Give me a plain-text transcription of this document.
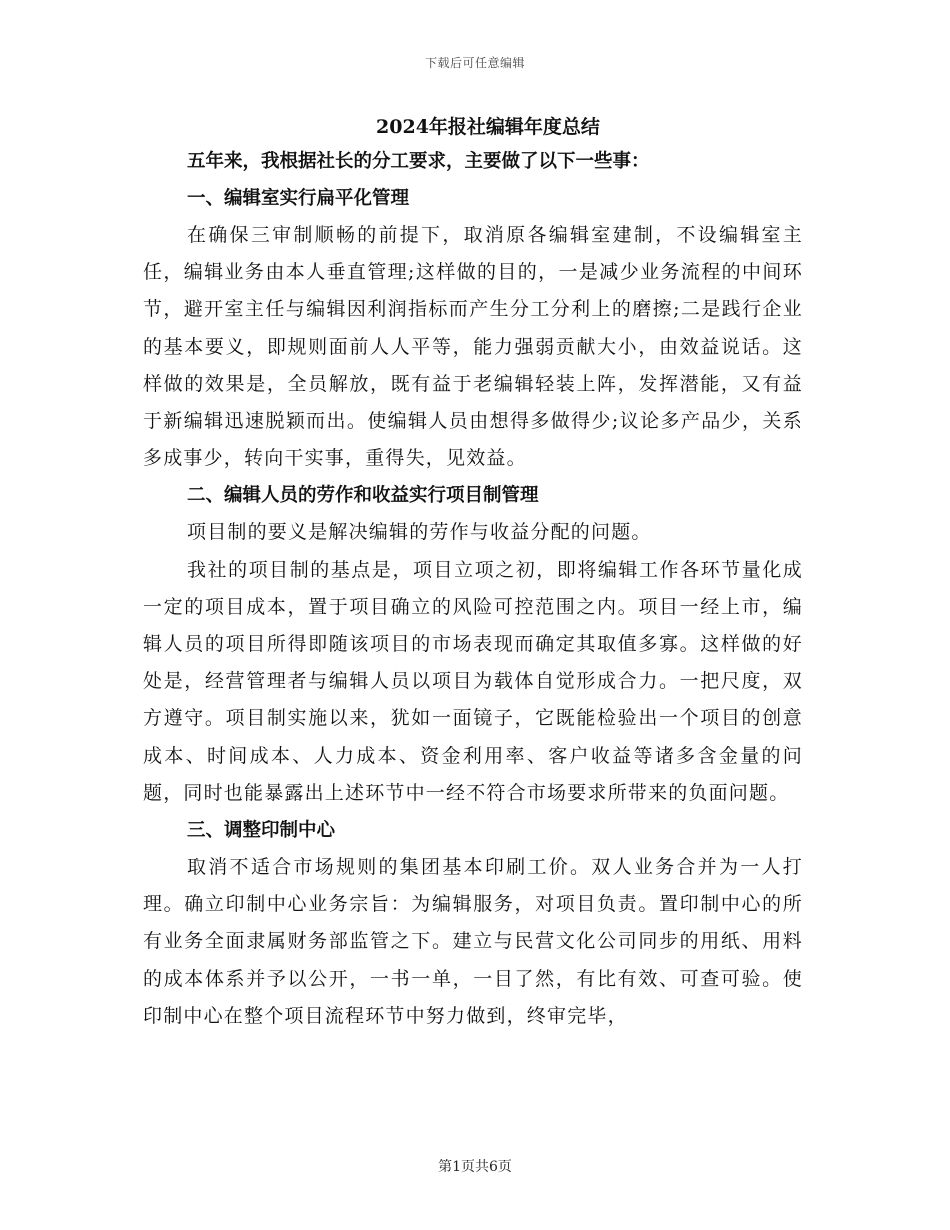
下载后可任意编辑
2024年报社编辑年度总结

五年来，我根据社长的分工要求，主要做了以下一些事：

一、编辑室实行扁平化管理

在确保三审制顺畅的前提下，取消原各编辑室建制，不设编辑室主任，编辑业务由本人垂直管理;这样做的目的，一是减少业务流程的中间环节，避开室主任与编辑因利润指标而产生分工分利上的磨擦;二是践行企业的基本要义，即规则面前人人平等，能力强弱贡献大小，由效益说话。这样做的效果是，全员解放，既有益于老编辑轻装上阵，发挥潜能，又有益于新编辑迅速脱颖而出。使编辑人员由想得多做得少;议论多产品少，关系多成事少，转向干实事，重得失，见效益。

二、编辑人员的劳作和收益实行项目制管理

项目制的要义是解决编辑的劳作与收益分配的问题。

我社的项目制的基点是，项目立项之初，即将编辑工作各环节量化成一定的项目成本，置于项目确立的风险可控范围之内。项目一经上市，编辑人员的项目所得即随该项目的市场表现而确定其取值多寡。这样做的好处是，经营管理者与编辑人员以项目为载体自觉形成合力。一把尺度，双方遵守。项目制实施以来，犹如一面镜子，它既能检验出一个项目的创意成本、时间成本、人力成本、资金利用率、客户收益等诸多含金量的问题，同时也能暴露出上述环节中一经不符合市场要求所带来的负面问题。

三、调整印制中心

取消不适合市场规则的集团基本印刷工价。双人业务合并为一人打理。确立印制中心业务宗旨：为编辑服务，对项目负责。置印制中心的所有业务全面隶属财务部监管之下。建立与民营文化公司同步的用纸、用料的成本体系并予以公开，一书一单，一目了然，有比有效、可查可验。使印制中心在整个项目流程环节中努力做到，终审完毕，

第1页共6页
